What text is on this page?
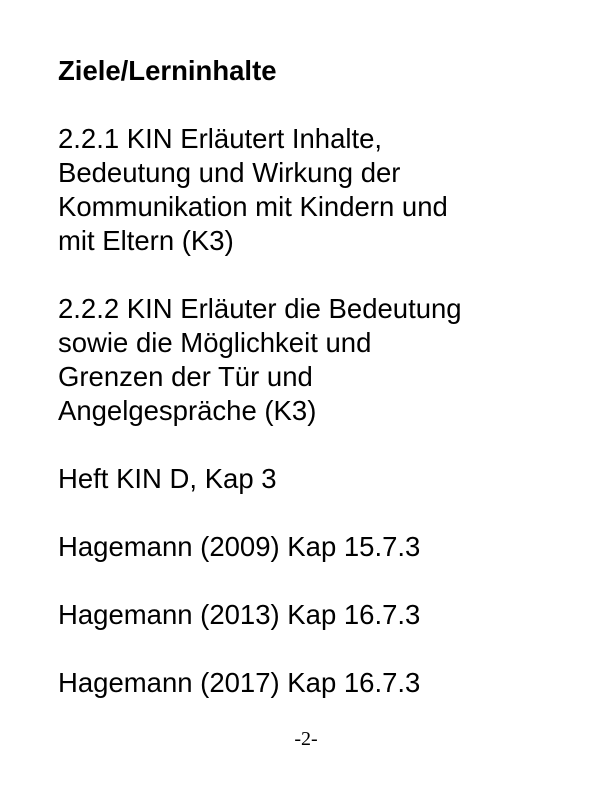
Ziele/Lerninhalte
2.2.1 KIN Erläutert Inhalte,
Bedeutung und Wirkung der
Kommunikation mit Kindern und
mit Eltern (K3)
2.2.2 KIN Erläuter die Bedeutung
sowie die Möglichkeit und
Grenzen der Tür und
Angelgespräche (K3)
Heft KIN D, Kap 3
Hagemann (2009) Kap 15.7.3
Hagemann (2013) Kap 16.7.3
Hagemann (2017) Kap 16.7.3
-2-
